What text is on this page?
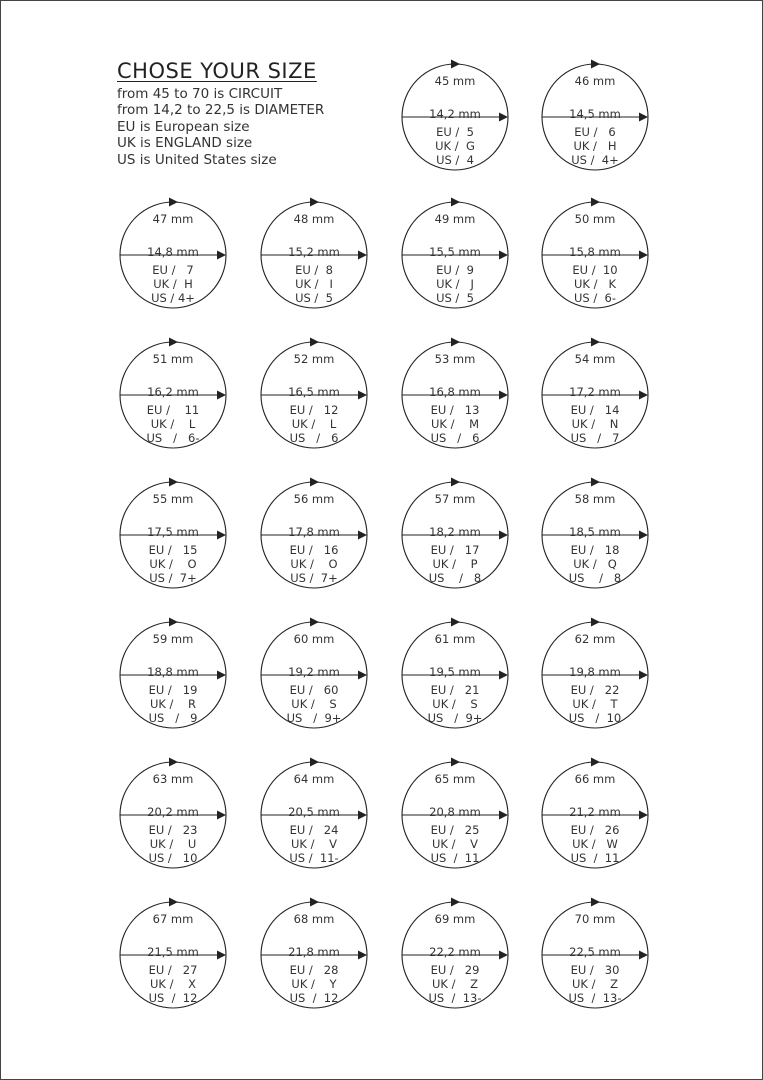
CHOSE YOUR SIZE
from 45 to 70 is CIRCUIT
from 14,2 to 22,5 is DIAMETER
EU is European size
UK is ENGLAND size
US is United States size
45 mm
14,2 mm
EU /  5
UK /  G
US /  4
46 mm
14,5 mm
EU /   6
UK /   H
US /  4+
47 mm
14,8 mm
EU /   7
UK /  H
US / 4+
48 mm
15,2 mm
EU /  8
UK /   I
US /  5
49 mm
15,5 mm
EU /  9
UK /   J
US /  5
50 mm
15,8 mm
EU /  10
UK /   K
US /  6-
51 mm
16,2 mm
EU /    11
UK /    L
US   /   6-
52 mm
16,5 mm
EU /   12
UK /    L
US   /   6
53 mm
16,8 mm
EU /   13
UK /    M
US   /   6
54 mm
17,2 mm
EU /   14
UK /    N
US   /   7
55 mm
17,5 mm
EU /   15
UK /    O
US /  7+
56 mm
17,8 mm
EU /   16
UK /    O
US /  7+
57 mm
18,2 mm
EU /   17
UK /    P
US    /   8
58 mm
18,5 mm
EU /   18
UK /   Q
US    /   8
59 mm
18,8 mm
EU /   19
UK /    R
US   /   9
60 mm
19,2 mm
EU /   60
UK /    S
US   /  9+
61 mm
19,5 mm
EU /   21
UK /    S
US   /  9+
62 mm
19,8 mm
EU /   22
UK /    T
US   /  10
63 mm
20,2 mm
EU /   23
UK /    U
US /   10
64 mm
20,5 mm
EU /   24
UK /    V
US /  11-
65 mm
20,8 mm
EU /   25
UK /    V
US  /  11
66 mm
21,2 mm
EU /   26
UK /   W
US  /  11
67 mm
21,5 mm
EU /   27
UK /    X
US  /  12
68 mm
21,8 mm
EU /   28
UK /    Y
US  /  12
69 mm
22,2 mm
EU /   29
UK /    Z
US  /  13-
70 mm
22,5 mm
EU /   30
UK /    Z
US  /  13-
